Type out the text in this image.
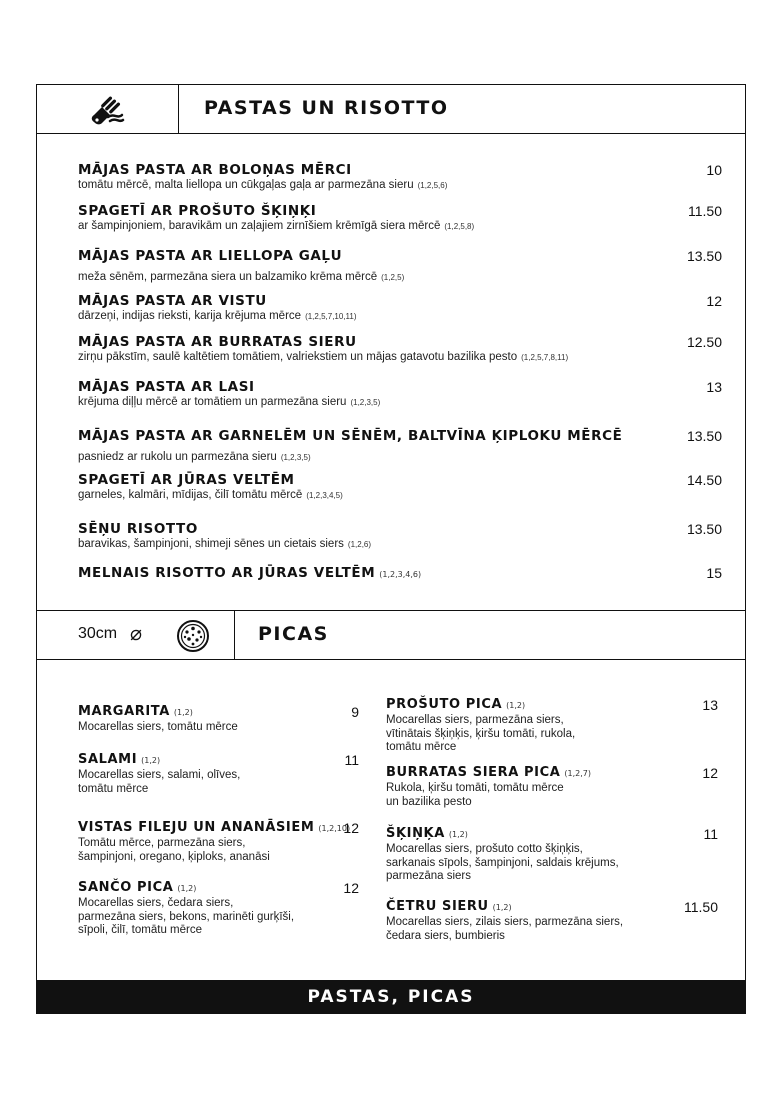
PASTAS UN RISOTTO
MĀJAS PASTA AR BOLOŅAS MĒRCI
tomātu mērcē, malta liellopa un cūkgaļas gaļa ar parmezāna sieru (1,2,5,6)
10
SPAGETĪ AR PROŠUTO ŠĶIŅĶI
ar šampinjoniem, baravikām un zaļajiem zirnīšiem krēmīgā siera mērcē (1,2,5,8)
11.50
MĀJAS PASTA AR LIELLOPA GAĻU
meža sēnēm, parmezāna siera un balzamiko krēma mērcē (1,2,5)
13.50
MĀJAS PASTA AR VISTU
dārzeņi, indijas rieksti, karija krējuma mērce (1,2,5,7,10,11)
12
MĀJAS PASTA AR BURRATAS SIERU
zirņu pākstīm, saulē kaltētiem tomātiem, valriekstiem un mājas gatavotu bazilika pesto (1,2,5,7,8,11)
12.50
MĀJAS PASTA AR LASI
krējuma diļļu mērcē ar tomātiem un parmezāna sieru (1,2,3,5)
13
MĀJAS PASTA AR GARNELĒM UN SĒNĒM, BALTVĪNA ĶIPLOKU MĒRCĒ
pasniedz ar rukolu un parmezāna sieru (1,2,3,5)
13.50
SPAGETĪ AR JŪRAS VELTĒM
garneles, kalmāri, mīdijas, čilī tomātu mērcē (1,2,3,4,5)
14.50
SĒŅU RISOTTO
baravikas, šampinjoni, shimeji sēnes un cietais siers (1,2,6)
13.50
MELNAIS RISOTTO AR JŪRAS VELTĒM (1,2,3,4,6)	15
30cm ⌀	PICAS
MARGARITA (1,2)
Mocarellas siers, tomātu mērce
9
SALAMI (1,2)
Mocarellas siers, salami, olīves,
tomātu mērce
11
VISTAS FILEJU UN ANANĀSIEM (1,2,10)
Tomātu mērce, parmezāna siers,
šampinjoni, oregano, ķiploks, ananāsi
12
SANČO PICA (1,2)
Mocarellas siers, čedara siers,
parmezāna siers, bekons, marinēti gurķīši,
sīpoli, čilī, tomātu mērce
12
PROŠUTO PICA (1,2)
Mocarellas siers, parmezāna siers,
vītinātais šķiņķis, ķiršu tomāti, rukola,
tomātu mērce
13
BURRATAS SIERA PICA (1,2,7)
Rukola, ķiršu tomāti, tomātu mērce
un bazilika pesto
12
ŠĶIŅĶA (1,2)
Mocarellas siers, prošuto cotto šķiņķis,
sarkanais sīpols, šampinjoni, saldais krējums,
parmezāna siers
11
ČETRU SIERU (1,2)
Mocarellas siers, zilais siers, parmezāna siers,
čedara siers, bumbieris
11.50
PASTAS, PICAS
